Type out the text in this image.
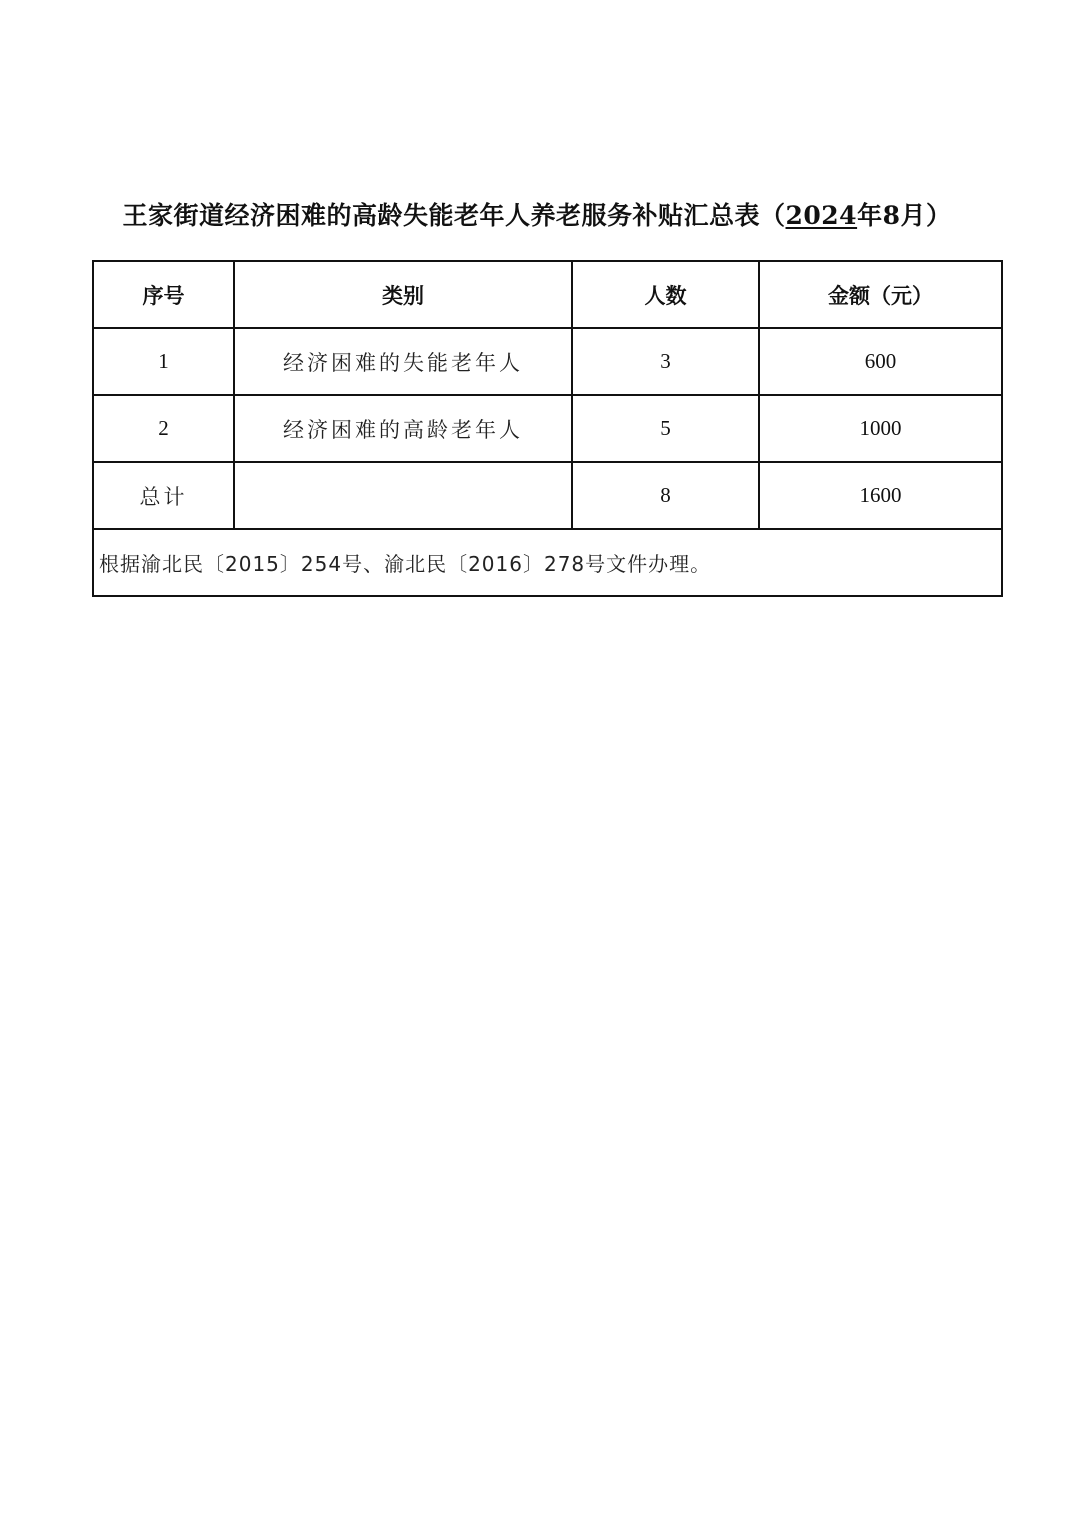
王家街道经济困难的高龄失能老年人养老服务补贴汇总表（2024年8月）
序号	类别	人数	金额（元）
1	经济困难的失能老年人	3	600
2	经济困难的高龄老年人	5	1000
总计		8	1600
根据渝北民〔2015〕254号、渝北民〔2016〕278号文件办理。			
